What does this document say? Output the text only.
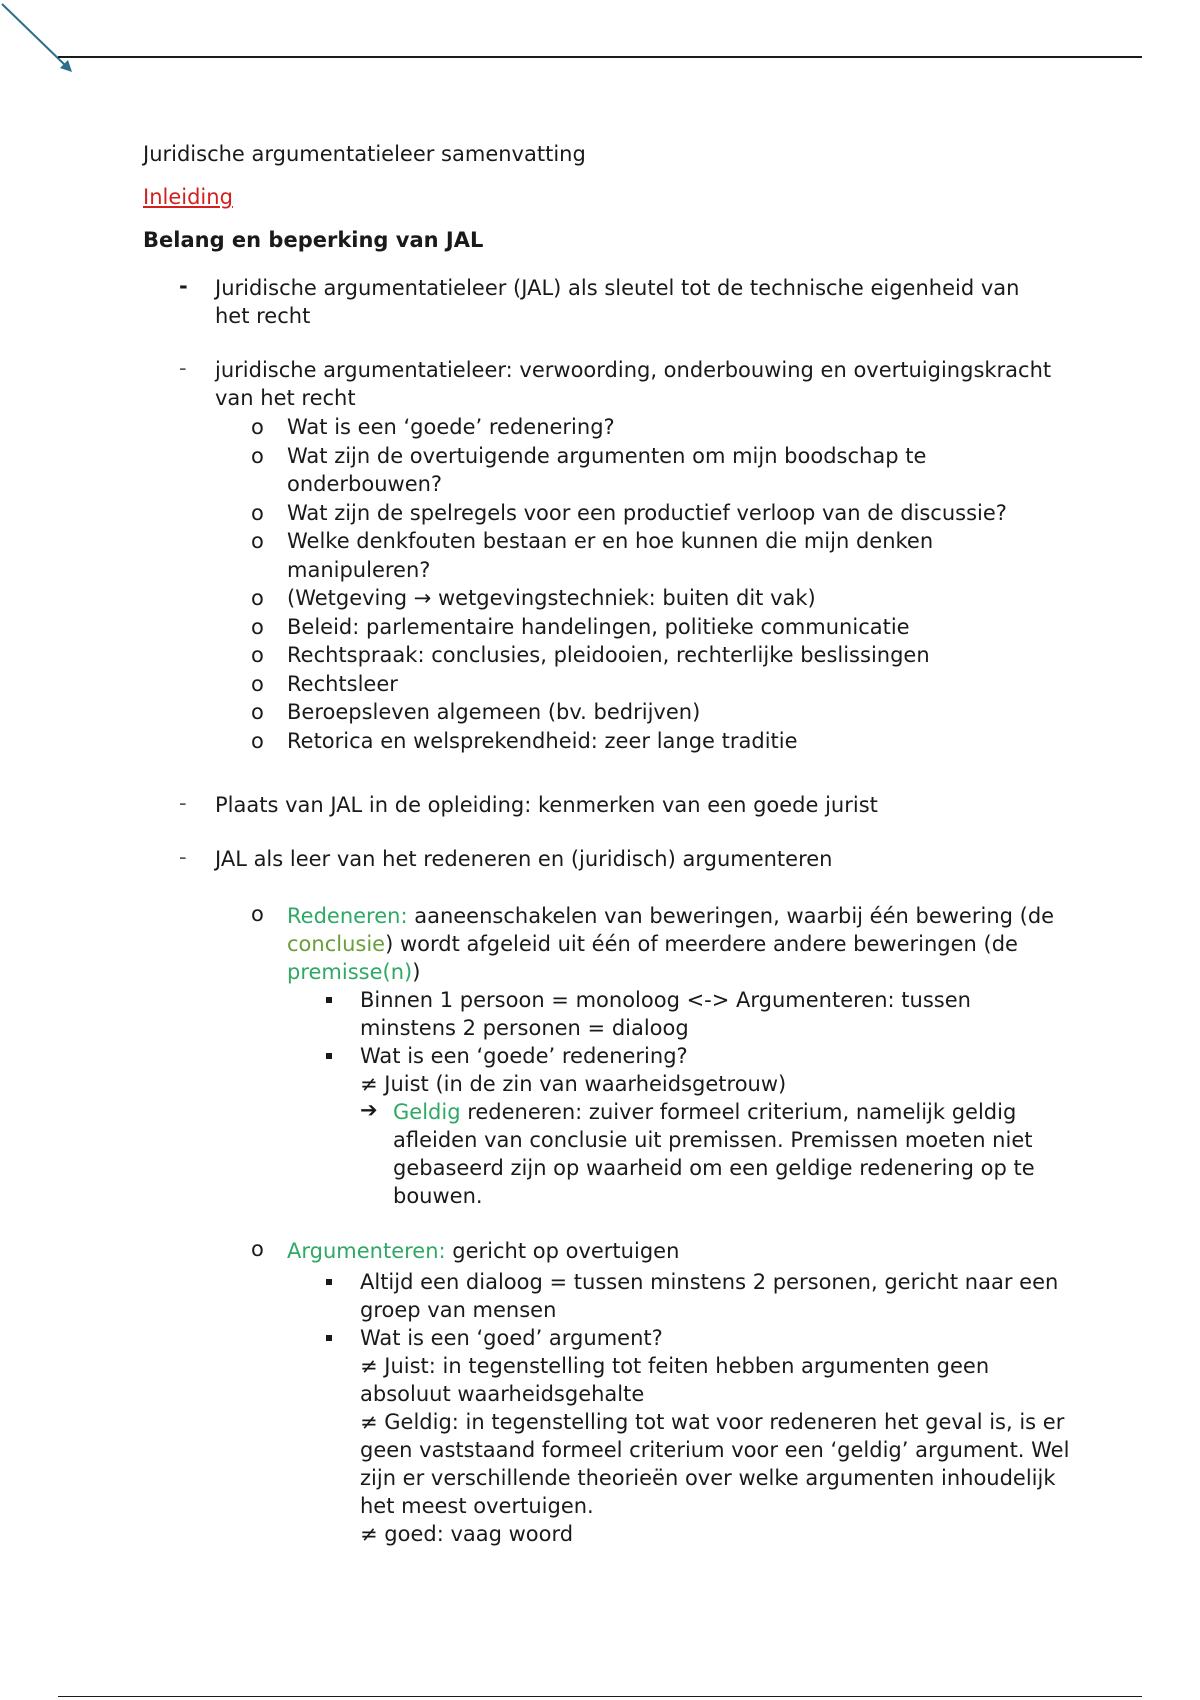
Juridische argumentatieleer samenvatting
Inleiding
Belang en beperking van JAL
- Juridische argumentatieleer (JAL) als sleutel tot de technische eigenheid van het recht
- juridische argumentatieleer: verwoording, onderbouwing en overtuigingskracht van het recht
o Wat is een ‘goede’ redenering?
o Wat zijn de overtuigende argumenten om mijn boodschap te onderbouwen?
o Wat zijn de spelregels voor een productief verloop van de discussie?
o Welke denkfouten bestaan er en hoe kunnen die mijn denken manipuleren?
o (Wetgeving → wetgevingstechniek: buiten dit vak)
o Beleid: parlementaire handelingen, politieke communicatie
o Rechtspraak: conclusies, pleidooien, rechterlijke beslissingen
o Rechtsleer
o Beroepsleven algemeen (bv. bedrijven)
o Retorica en welsprekendheid: zeer lange traditie
- Plaats van JAL in de opleiding: kenmerken van een goede jurist
- JAL als leer van het redeneren en (juridisch) argumenteren
o Redeneren: aaneenschakelen van beweringen, waarbij één bewering (de conclusie) wordt afgeleid uit één of meerdere andere beweringen (de premisse(n))
Binnen 1 persoon = monoloog <-> Argumenteren: tussen minstens 2 personen = dialoog
Wat is een ‘goede’ redenering?
≠ Juist (in de zin van waarheidsgetrouw)
➔ Geldig redeneren: zuiver formeel criterium, namelijk geldig afleiden van conclusie uit premissen. Premissen moeten niet gebaseerd zijn op waarheid om een geldige redenering op te bouwen.
o Argumenteren: gericht op overtuigen
Altijd een dialoog = tussen minstens 2 personen, gericht naar een groep van mensen
Wat is een ‘goed’ argument?
≠ Juist: in tegenstelling tot feiten hebben argumenten geen absoluut waarheidsgehalte
≠ Geldig: in tegenstelling tot wat voor redeneren het geval is, is er geen vaststaand formeel criterium voor een ‘geldig’ argument. Wel zijn er verschillende theorieën over welke argumenten inhoudelijk het meest overtuigen.
≠ goed: vaag woord
